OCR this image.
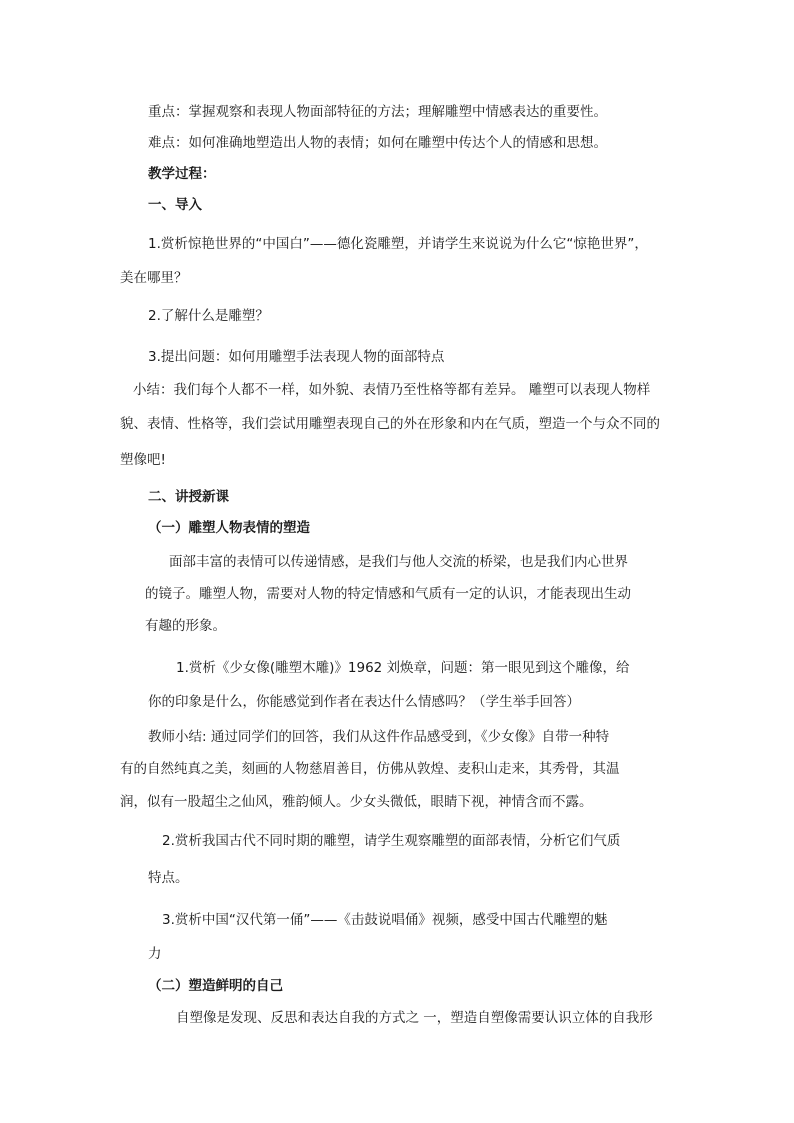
重点：掌握观察和表现人物面部特征的方法；理解雕塑中情感表达的重要性。
难点：如何准确地塑造出人物的表情；如何在雕塑中传达个人的情感和思想。
教学过程：
一、导入
1.赏析惊艳世界的“中国白”——德化瓷雕塑，并请学生来说说为什么它“惊艳世界”，
美在哪里？
2.了解什么是雕塑？
3.提出问题：如何用雕塑手法表现人物的面部特点
小结：我们每个人都不一样，如外貌、表情乃至性格等都有差异。 雕塑可以表现人物样
貌、表情、性格等，我们尝试用雕塑表现自己的外在形象和内在气质，塑造一个与众不同的
塑像吧!
二、讲授新课
（一）雕塑人物表情的塑造
面部丰富的表情可以传递情感，是我们与他人交流的桥梁，也是我们内心世界
的镜子。雕塑人物，需要对人物的特定情感和气质有一定的认识，才能表现出生动
有趣的形象。
1.赏析《少女像(雕塑木雕)》1962 刘焕章，问题：第一眼见到这个雕像，给
你的印象是什么，你能感觉到作者在表达什么情感吗？（学生举手回答）
教师小结: 通过同学们的回答，我们从这件作品感受到，《少女像》自带一种特
有的自然纯真之美，刻画的人物慈眉善目，仿佛从敦煌、麦积山走来，其秀骨，其温
润，似有一股超尘之仙风，雅韵倾人。少女头微低，眼睛下视，神情含而不露。
2.赏析我国古代不同时期的雕塑，请学生观察雕塑的面部表情，分析它们气质
特点。
3.赏析中国“汉代第一俑”——《击鼓说唱俑》视频，感受中国古代雕塑的魅
力
（二）塑造鲜明的自己
自塑像是发现、反思和表达自我的方式之 一，塑造自塑像需要认识立体的自我形
